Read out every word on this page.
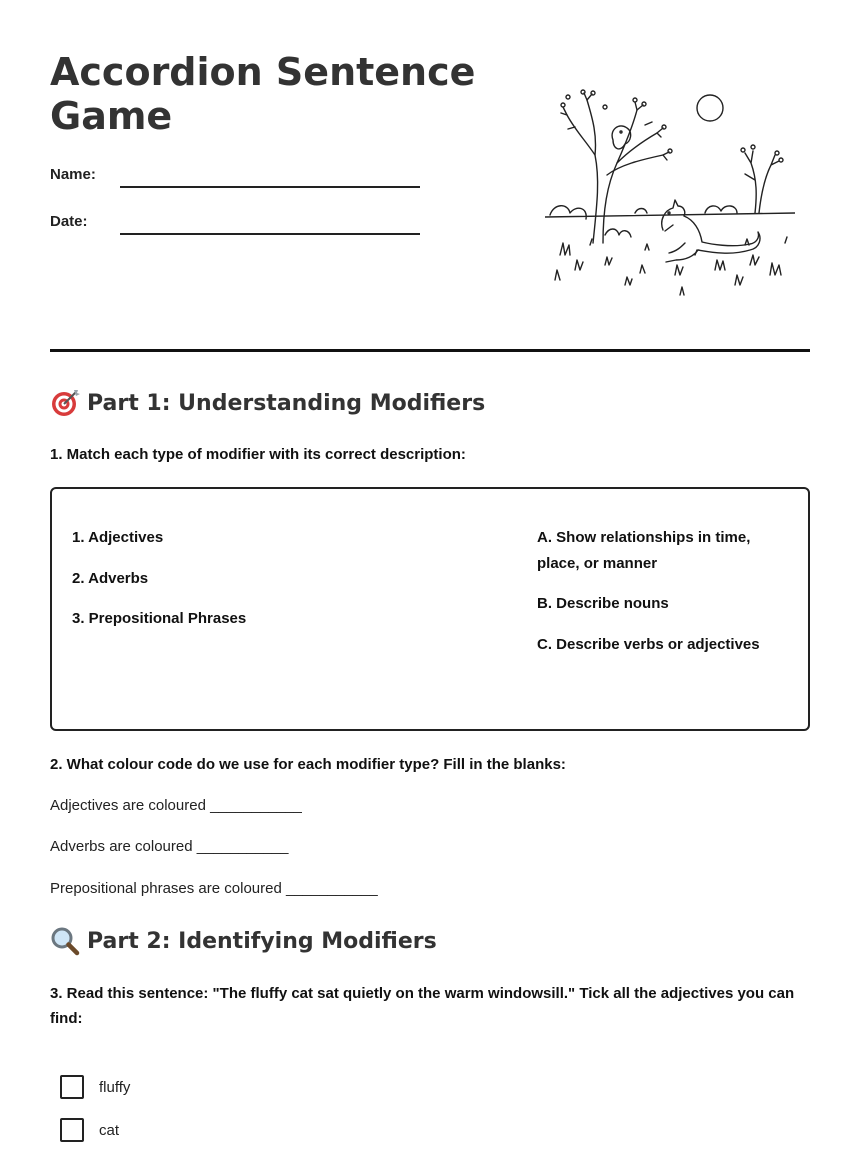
Accordion Sentence Game
Name:
Date:
Part 1: Understanding Modifiers
1. Match each type of modifier with its correct description:
1. Adjectives
2. Adverbs
3. Prepositional Phrases
A. Show relationships in time, place, or manner
B. Describe nouns
C. Describe verbs or adjectives
2. What colour code do we use for each modifier type? Fill in the blanks:
Adjectives are coloured ___________
Adverbs are coloured ___________
Prepositional phrases are coloured ___________
Part 2: Identifying Modifiers
3. Read this sentence: "The fluffy cat sat quietly on the warm windowsill." Tick all the adjectives you can find:
fluffy
cat
